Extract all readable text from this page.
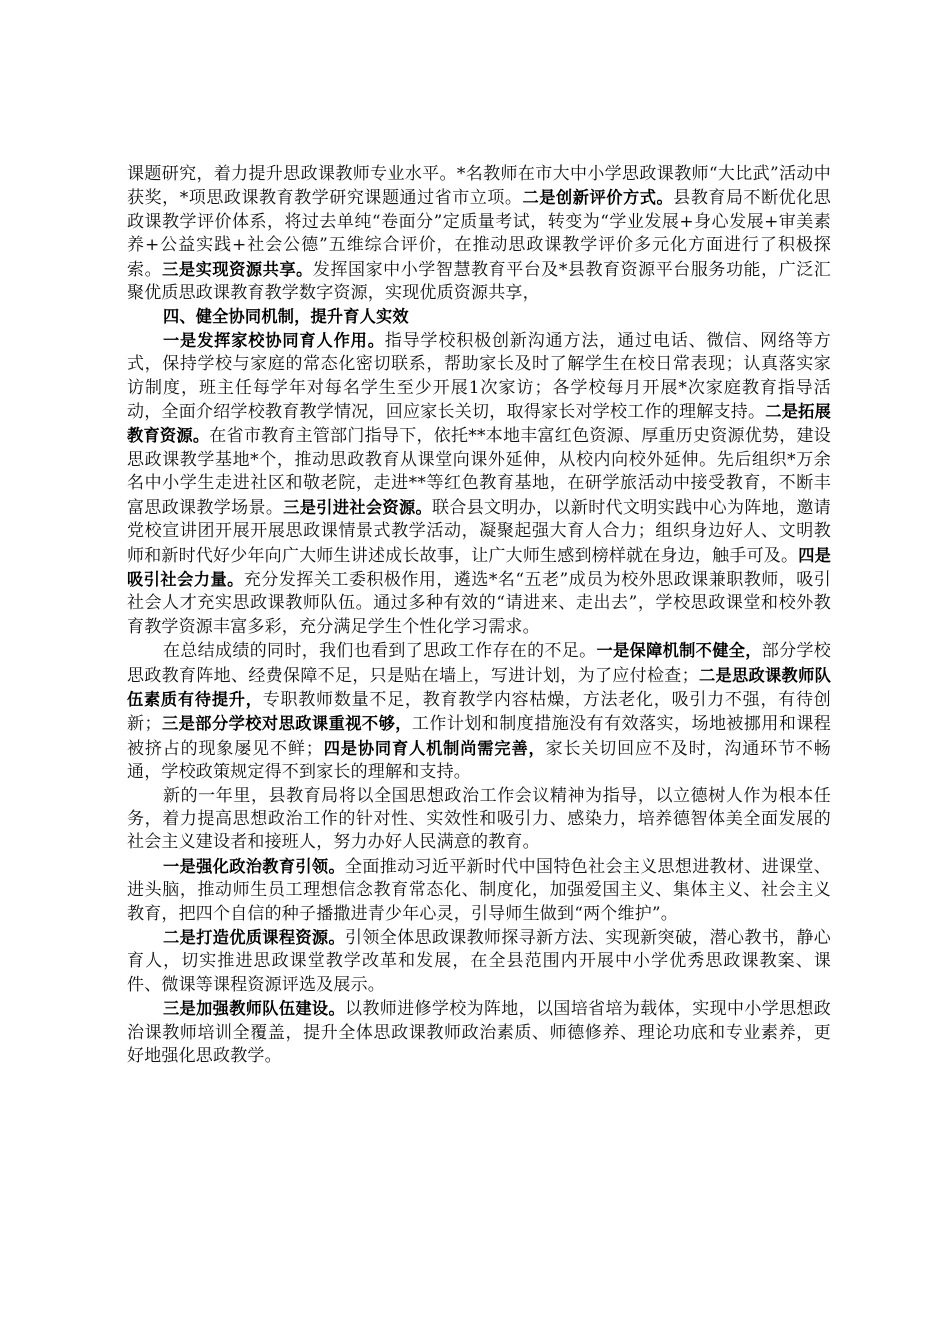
课题研究，着力提升思政课教师专业水平。*名教师在市大中小学思政课教师“大比武”活动中获奖，*项思政课教育教学研究课题通过省市立项。二是创新评价方式。县教育局不断优化思政课教学评价体系，将过去单纯“卷面分”定质量考试，转变为“学业发展+身心发展+审美素养+公益实践+社会公德”五维综合评价，在推动思政课教学评价多元化方面进行了积极探索。三是实现资源共享。发挥国家中小学智慧教育平台及*县教育资源平台服务功能，广泛汇聚优质思政课教育教学数字资源，实现优质资源共享，

四、健全协同机制，提升育人实效

一是发挥家校协同育人作用。指导学校积极创新沟通方法，通过电话、微信、网络等方式，保持学校与家庭的常态化密切联系，帮助家长及时了解学生在校日常表现；认真落实家访制度，班主任每学年对每名学生至少开展1次家访；各学校每月开展*次家庭教育指导活动，全面介绍学校教育教学情况，回应家长关切，取得家长对学校工作的理解支持。二是拓展教育资源。在省市教育主管部门指导下，依托**本地丰富红色资源、厚重历史资源优势，建设思政课教学基地*个，推动思政教育从课堂向课外延伸，从校内向校外延伸。先后组织*万余名中小学生走进社区和敬老院，走进**等红色教育基地，在研学旅活动中接受教育，不断丰富思政课教学场景。三是引进社会资源。联合县文明办，以新时代文明实践中心为阵地，邀请党校宣讲团开展开展思政课情景式教学活动，凝聚起强大育人合力；组织身边好人、文明教师和新时代好少年向广大师生讲述成长故事，让广大师生感到榜样就在身边，触手可及。四是吸引社会力量。充分发挥关工委积极作用，遴选*名“五老”成员为校外思政课兼职教师，吸引社会人才充实思政课教师队伍。通过多种有效的“请进来、走出去”，学校思政课堂和校外教育教学资源丰富多彩，充分满足学生个性化学习需求。

在总结成绩的同时，我们也看到了思政工作存在的不足。一是保障机制不健全，部分学校思政教育阵地、经费保障不足，只是贴在墙上，写进计划，为了应付检查；二是思政课教师队伍素质有待提升，专职教师数量不足，教育教学内容枯燥，方法老化，吸引力不强，有待创新；三是部分学校对思政课重视不够，工作计划和制度措施没有有效落实，场地被挪用和课程被挤占的现象屡见不鲜；四是协同育人机制尚需完善，家长关切回应不及时，沟通环节不畅通，学校政策规定得不到家长的理解和支持。

新的一年里，县教育局将以全国思想政治工作会议精神为指导，以立德树人作为根本任务，着力提高思想政治工作的针对性、实效性和吸引力、感染力，培养德智体美全面发展的社会主义建设者和接班人，努力办好人民满意的教育。

一是强化政治教育引领。全面推动习近平新时代中国特色社会主义思想进教材、进课堂、进头脑，推动师生员工理想信念教育常态化、制度化，加强爱国主义、集体主义、社会主义教育，把四个自信的种子播撒进青少年心灵，引导师生做到“两个维护”。

二是打造优质课程资源。引领全体思政课教师探寻新方法、实现新突破，潜心教书，静心育人，切实推进思政课堂教学改革和发展，在全县范围内开展中小学优秀思政课教案、课件、微课等课程资源评选及展示。

三是加强教师队伍建设。以教师进修学校为阵地，以国培省培为载体，实现中小学思想政治课教师培训全覆盖，提升全体思政课教师政治素质、师德修养、理论功底和专业素养，更好地强化思政教学。
